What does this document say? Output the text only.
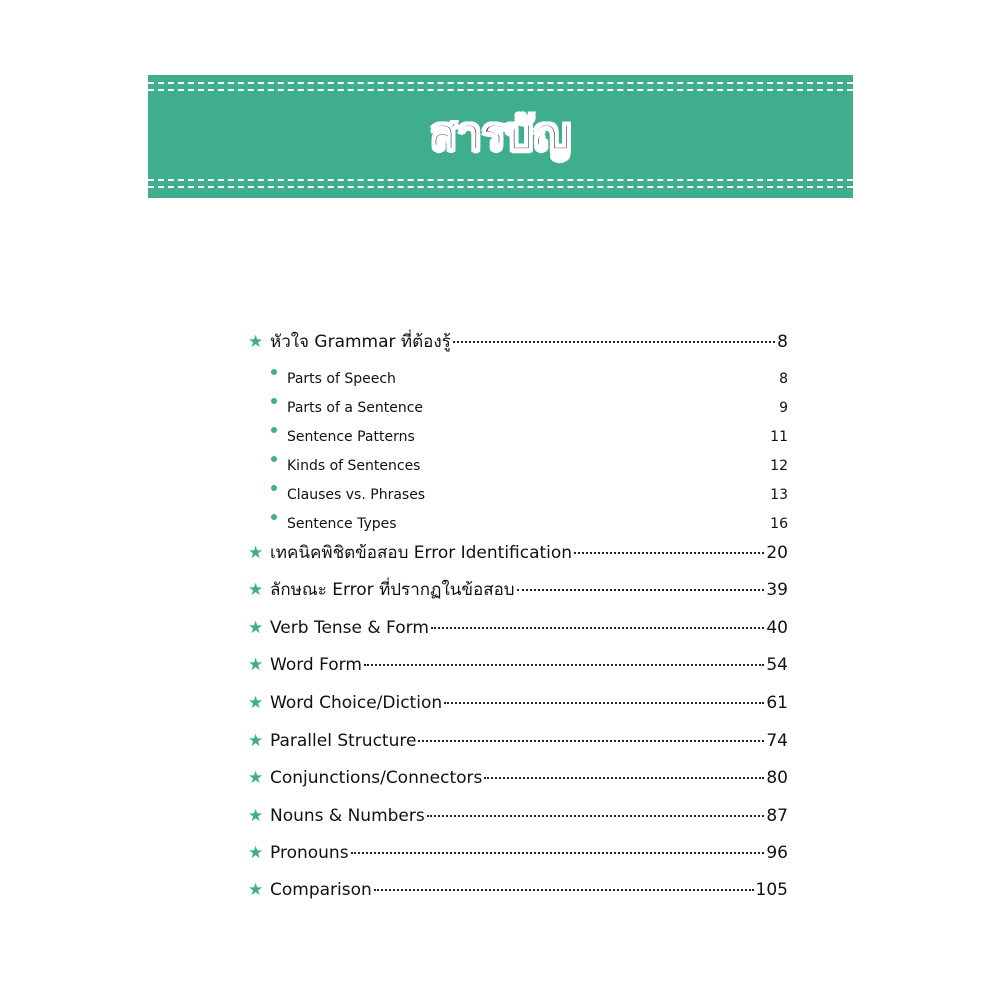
สารบัญ
★ หัวใจ Grammar ที่ต้องรู้	8
Parts of Speech	8
Parts of a Sentence	9
Sentence Patterns	11
Kinds of Sentences	12
Clauses vs. Phrases	13
Sentence Types	16
★ เทคนิคพิชิตข้อสอบ Error Identification	20
★ ลักษณะ Error ที่ปรากฏในข้อสอบ	39
★ Verb Tense & Form	40
★ Word Form	54
★ Word Choice/Diction	61
★ Parallel Structure	74
★ Conjunctions/Connectors	80
★ Nouns & Numbers	87
★ Pronouns	96
★ Comparison	105
